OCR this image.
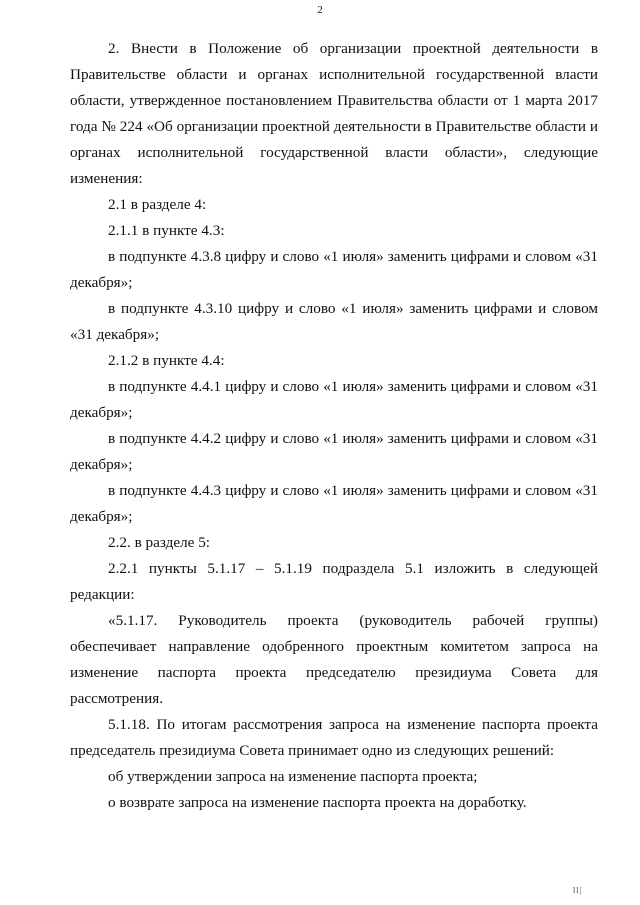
2

2. Внести в Положение об организации проектной деятельности в Правительстве области и органах исполнительной государственной власти области, утвержденное постановлением Правительства области от 1 марта 2017 года № 224 «Об организации проектной деятельности в Правительстве области и органах исполнительной государственной власти области», следующие изменения:

2.1 в разделе 4:

2.1.1 в пункте 4.3:

в подпункте 4.3.8 цифру и слово «1 июля» заменить цифрами и словом «31 декабря»;

в подпункте 4.3.10 цифру и слово «1 июля» заменить цифрами и словом «31 декабря»;

2.1.2 в пункте 4.4:

в подпункте 4.4.1 цифру и слово «1 июля» заменить цифрами и словом «31 декабря»;

в подпункте 4.4.2 цифру и слово «1 июля» заменить цифрами и словом «31 декабря»;

в подпункте 4.4.3 цифру и слово «1 июля» заменить цифрами и словом «31 декабря»;

2.2. в разделе 5:

2.2.1 пункты 5.1.17 – 5.1.19 подраздела 5.1 изложить в следующей редакции:

«5.1.17. Руководитель проекта (руководитель рабочей группы) обеспечивает направление одобренного проектным комитетом запроса на изменение паспорта проекта председателю президиума Совета для рассмотрения.

5.1.18. По итогам рассмотрения запроса на изменение паспорта проекта председатель президиума Совета принимает одно из следующих решений:

об утверждении запроса на изменение паспорта проекта;

о возврате запроса на изменение паспорта проекта на доработку.

ll|
